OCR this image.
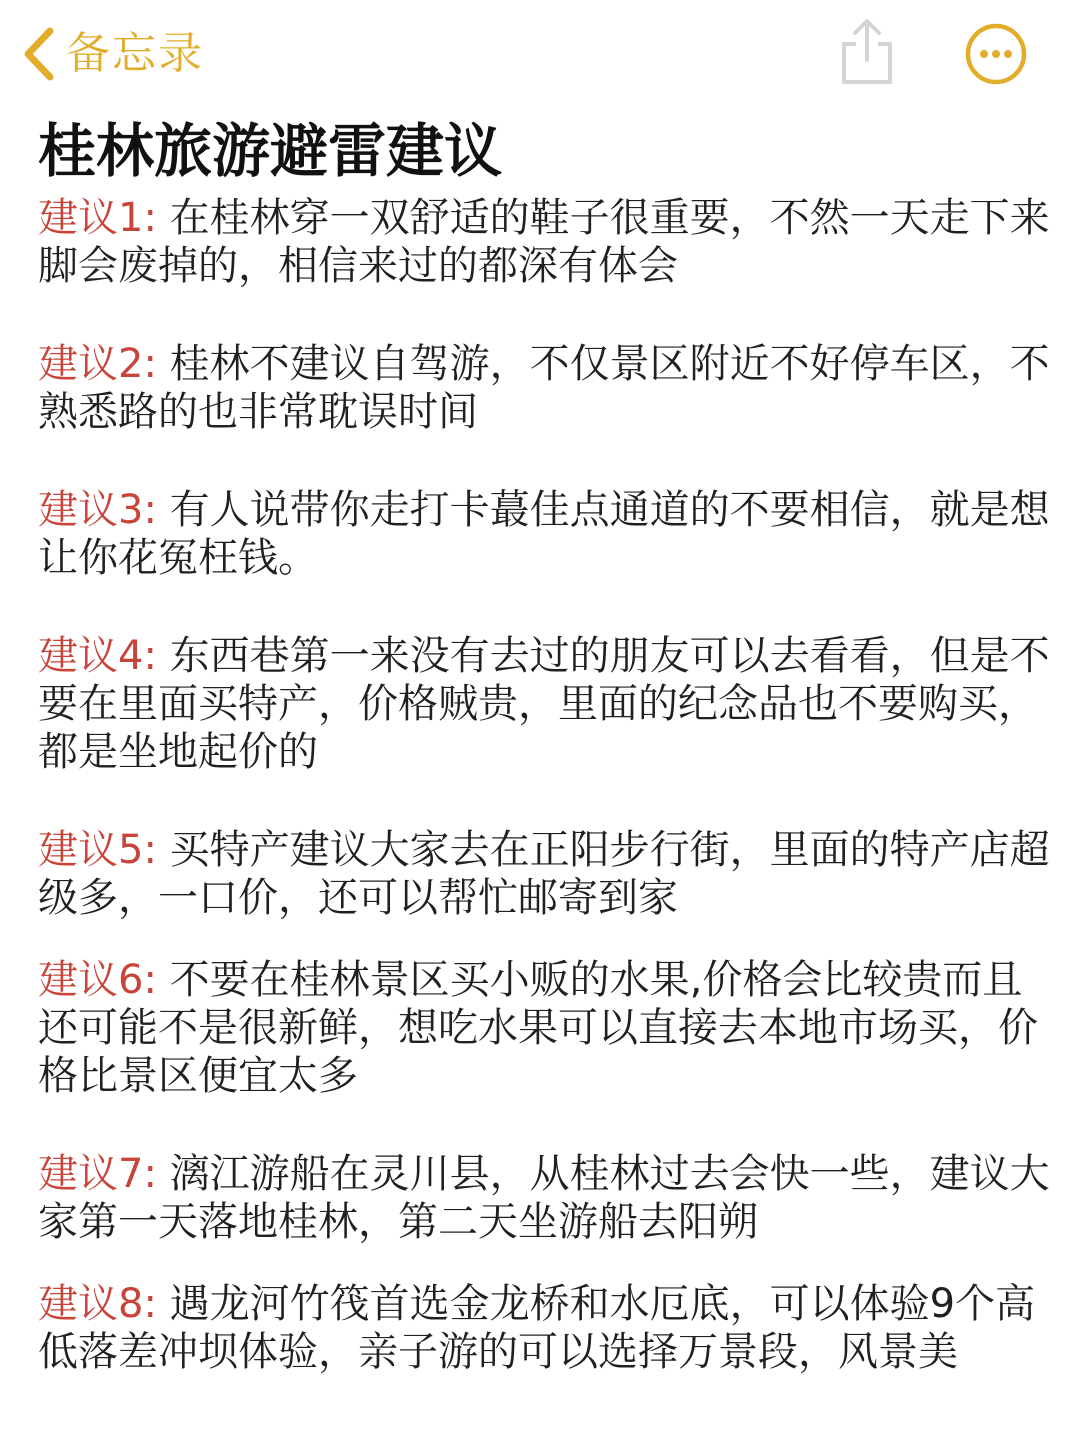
备忘录
桂林旅游避雷建议

建议1: 在桂林穿一双舒适的鞋子很重要，不然一天走下来脚会废掉的，相信来过的都深有体会

建议2: 桂林不建议自驾游，不仅景区附近不好停车区，不熟悉路的也非常耽误时间

建议3: 有人说带你走打卡蕞佳点通道的不要相信，就是想让你花冤枉钱。

建议4: 东西巷第一来没有去过的朋友可以去看看，但是不要在里面买特产，价格贼贵，里面的纪念品也不要购买，都是坐地起价的

建议5: 买特产建议大家去在正阳步行街，里面的特产店超级多，一口价，还可以帮忙邮寄到家

建议6: 不要在桂林景区买小贩的水果,价格会比较贵而且还可能不是很新鲜，想吃水果可以直接去本地市场买，价格比景区便宜太多

建议7: 漓江游船在灵川县，从桂林过去会快一些，建议大家第一天落地桂林，第二天坐游船去阳朔

建议8: 遇龙河竹筏首选金龙桥和水厄底，可以体验9个高低落差冲坝体验，亲子游的可以选择万景段，风景美
